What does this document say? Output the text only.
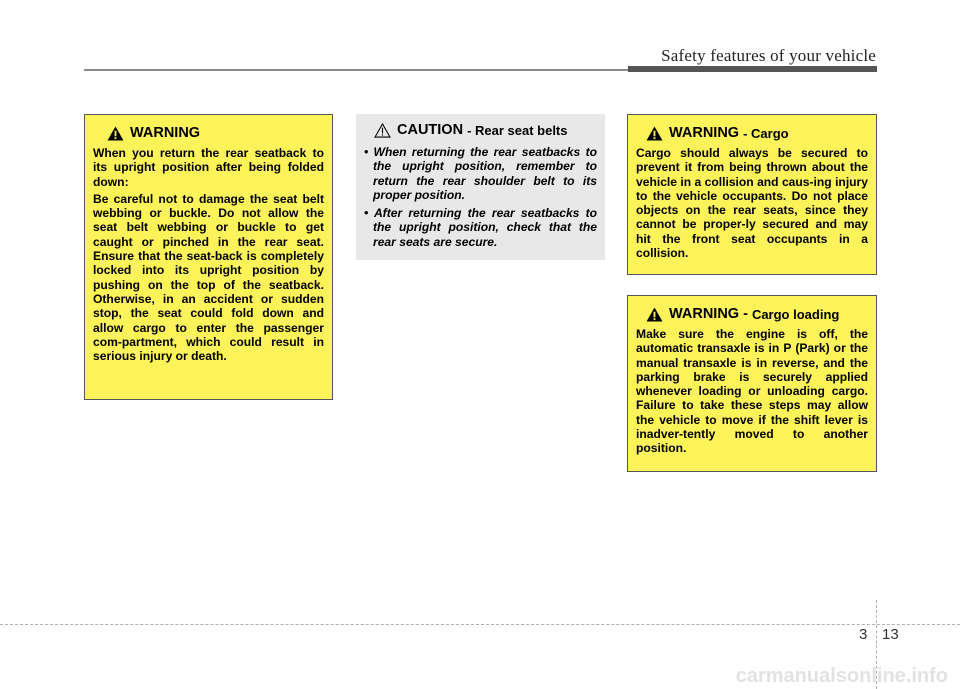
Safety features of your vehicle
WARNING
When you return the rear seatback to its upright position after being folded down:
Be careful not to damage the seat belt webbing or buckle. Do not allow the seat belt webbing or buckle to get caught or pinched in the rear seat. Ensure that the seat-back is completely locked into its upright position by pushing on the top of the seatback. Otherwise, in an accident or sudden stop, the seat could fold down and allow cargo to enter the passenger com-partment, which could result in serious injury or death.
CAUTION - Rear seat belts
• When returning the rear seatbacks to the upright position, remember to return the rear shoulder belt to its proper position.
• After returning the rear seatbacks to the upright position, check that the rear seats are secure.
WARNING - Cargo
Cargo should always be secured to prevent it from being thrown about the vehicle in a collision and caus-ing injury to the vehicle occupants. Do not place objects on the rear seats, since they cannot be proper-ly secured and may hit the front seat occupants in a collision.
WARNING - Cargo loading
Make sure the engine is off, the automatic transaxle is in P (Park) or the manual transaxle is in reverse, and the parking brake is securely applied whenever loading or unloading cargo. Failure to take these steps may allow the vehicle to move if the shift lever is inadver-tently moved to another position.
3 13
carmanualsonline.info
